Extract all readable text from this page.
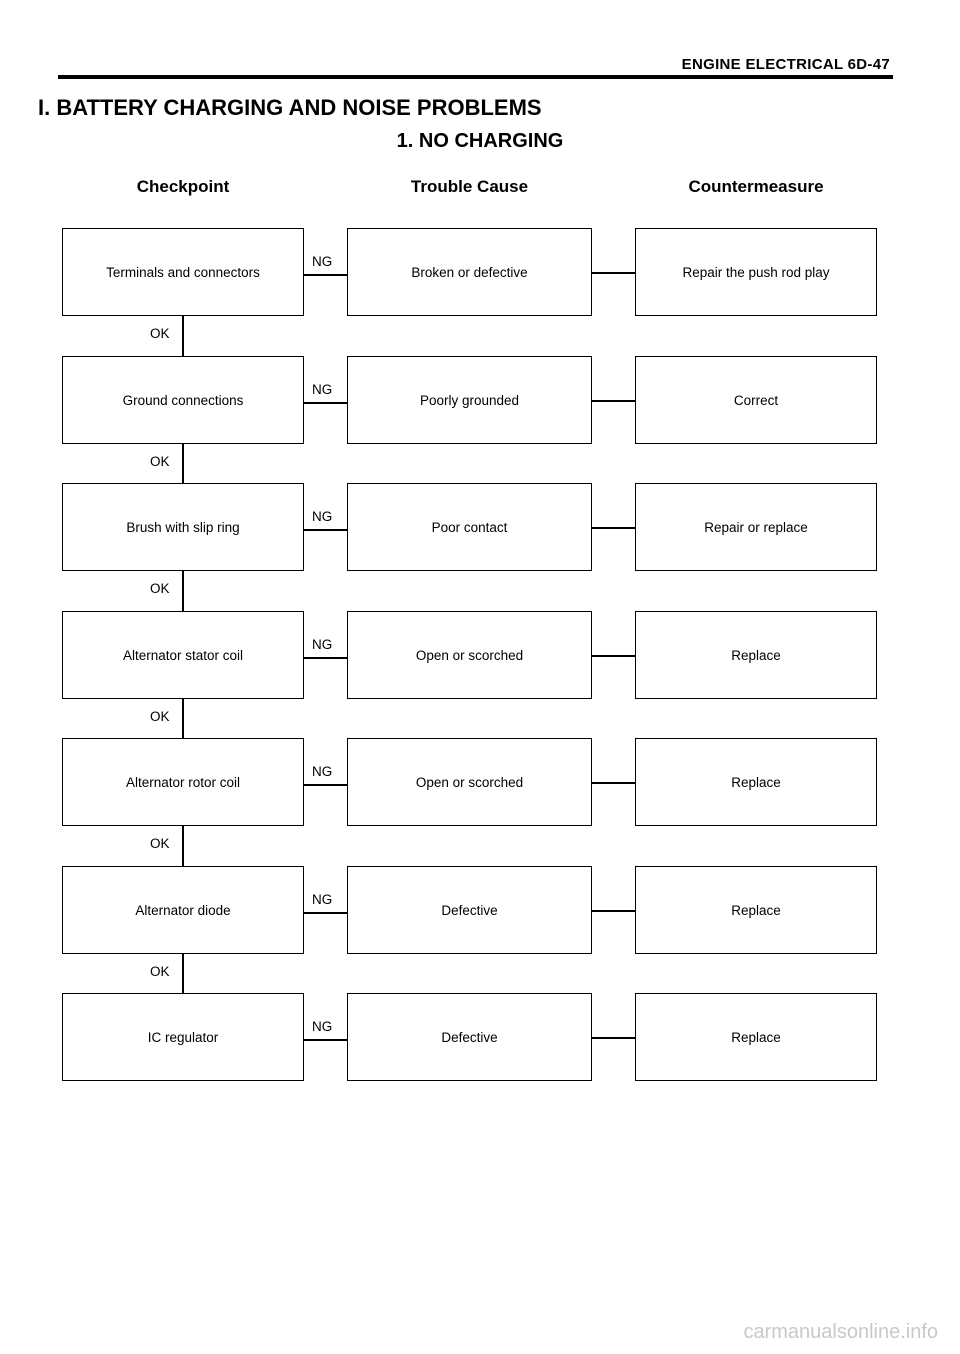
ENGINE ELECTRICAL 6D-47
I. BATTERY CHARGING AND NOISE PROBLEMS
1. NO CHARGING
Checkpoint	Trouble Cause	Countermeasure
Terminals and connectors	Broken or defective	Repair the push rod play
NG
OK
Ground connections	Poorly grounded	Correct
NG
OK
Brush with slip ring	Poor contact	Repair or replace
NG
OK
Alternator stator coil	Open or scorched	Replace
NG
OK
Alternator rotor coil	Open or scorched	Replace
NG
OK
Alternator diode	Defective	Replace
NG
OK
IC regulator	Defective	Replace
NG
carmanualsonline.info
